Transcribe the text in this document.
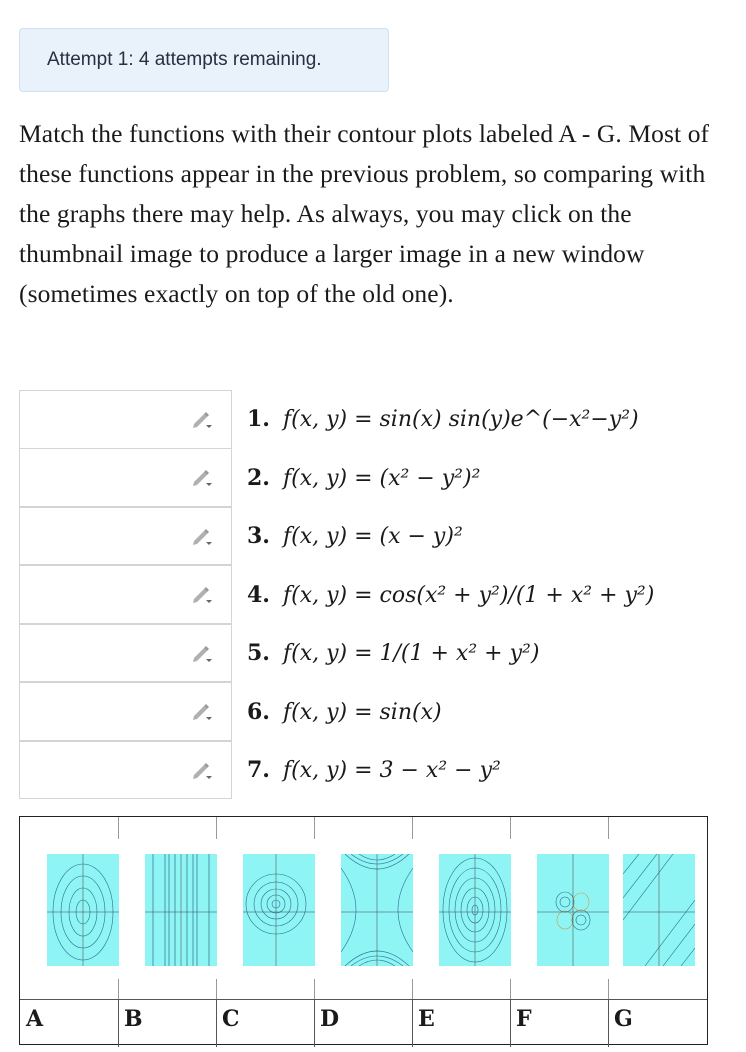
Attempt 1: 4 attempts remaining.
Match the functions with their contour plots labeled A - G. Most of these functions appear in the previous problem, so comparing with the graphs there may help. As always, you may click on the thumbnail image to produce a larger image in a new window (sometimes exactly on top of the old one).
1. f(x, y) = sin(x) sin(y)e^(−x²−y²)
2. f(x, y) = (x² − y²)²
3. f(x, y) = (x − y)²
4. f(x, y) = cos(x² + y²)/(1 + x² + y²)
5. f(x, y) = 1/(1 + x² + y²)
6. f(x, y) = sin(x)
7. f(x, y) = 3 − x² − y²
A	B	C	D	E	F	G
